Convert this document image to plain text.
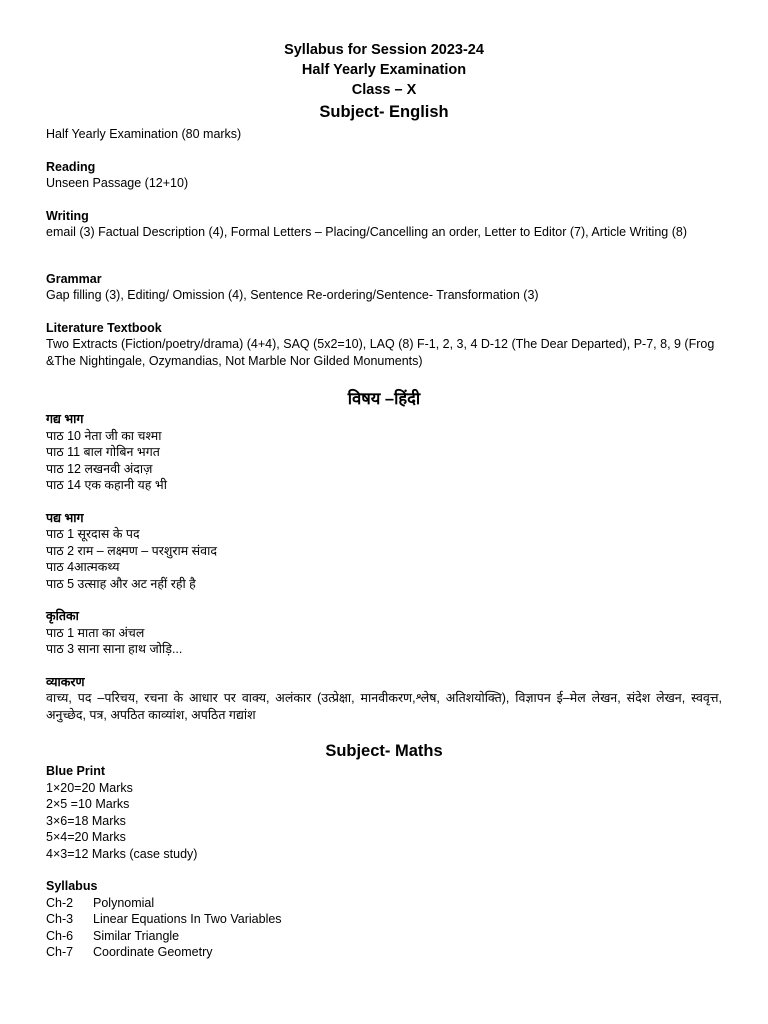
Syllabus for Session 2023-24
Half Yearly Examination
Class – X
Subject- English
Half Yearly Examination (80 marks)
Reading
Unseen Passage (12+10)
Writing
email (3) Factual Description (4), Formal Letters – Placing/Cancelling an order, Letter to Editor (7), Article Writing (8)
Grammar
Gap filling (3), Editing/ Omission (4), Sentence Re-ordering/Sentence- Transformation (3)
Literature Textbook
Two Extracts (Fiction/poetry/drama) (4+4), SAQ (5x2=10), LAQ (8) F-1, 2, 3, 4 D-12 (The Dear Departed), P-7, 8, 9 (Frog &The Nightingale, Ozymandias, Not Marble Nor Gilded Monuments)
विषय –हिंदी
गद्य भाग
पाठ 10 नेता जी का चश्मा
पाठ 11 बाल गोबिन भगत
पाठ 12 लखनवी अंदाज़
पाठ 14 एक कहानी यह भी
पद्य भाग
पाठ 1 सूरदास के पद
पाठ 2 राम – लक्ष्मण – परशुराम संवाद
पाठ 4आत्मकथ्य
पाठ 5 उत्साह और अट नहीं रही है
कृतिका
पाठ 1 माता का अंचल
पाठ 3 साना साना हाथ जोड़ि...
व्याकरण
वाच्य, पद –परिचय, रचना के आधार पर वाक्य, अलंकार (उत्प्रेक्षा, मानवीकरण,श्लेष, अतिशयोक्ति), विज्ञापन ई–मेल लेखन, संदेश लेखन, स्ववृत्त, अनुच्छेद, पत्र, अपठित काव्यांश, अपठित गद्यांश
Subject- Maths
Blue Print
1×20=20 Marks
2×5 =10 Marks
3×6=18 Marks
5×4=20 Marks
4×3=12 Marks (case study)
Syllabus
Ch-2	Polynomial
Ch-3	Linear Equations In Two Variables
Ch-6	Similar Triangle
Ch-7	Coordinate Geometry
